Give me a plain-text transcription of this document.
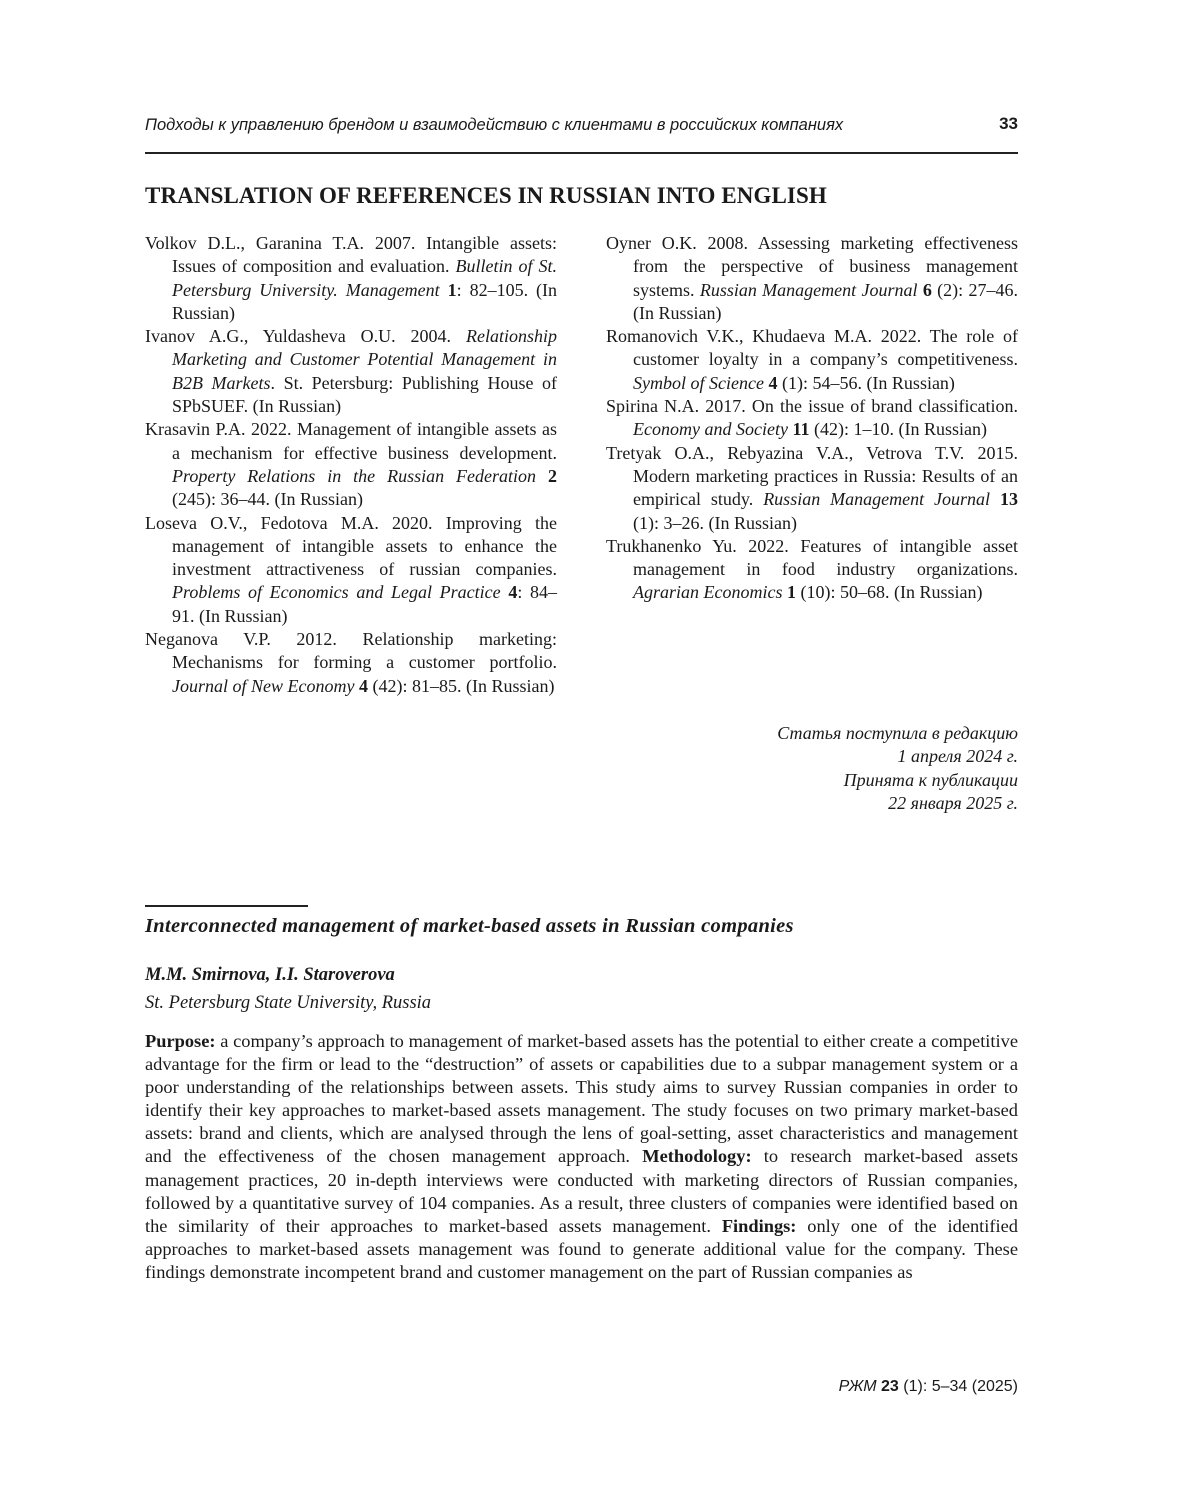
Подходы к управлению брендом и взаимодействию с клиентами в российских компаниях	33
TRANSLATION OF REFERENCES IN RUSSIAN INTO ENGLISH

Volkov D.L., Garanina T.A. 2007. Intangible assets: Issues of composition and evaluation. Bulletin of St. Petersburg University. Management 1: 82–105. (In Russian)

Ivanov A.G., Yuldasheva O.U. 2004. Relationship Marketing and Customer Potential Management in B2B Markets. St. Petersburg: Publishing House of SPbSUEF. (In Russian)

Krasavin P.A. 2022. Management of intangible assets as a mechanism for effective business development. Property Relations in the Russian Federation 2 (245): 36–44. (In Russian)

Loseva O.V., Fedotova M.A. 2020. Improving the management of intangible assets to enhance the investment attractiveness of russian companies. Problems of Economics and Legal Practice 4: 84–91. (In Russian)

Neganova V.P. 2012. Relationship marketing: Mechanisms for forming a customer portfolio. Journal of New Economy 4 (42): 81–85. (In Russian)

Oyner O.K. 2008. Assessing marketing effectiveness from the perspective of business management systems. Russian Management Journal 6 (2): 27–46. (In Russian)

Romanovich V.K., Khudaeva M.A. 2022. The role of customer loyalty in a company’s competitiveness. Symbol of Science 4 (1): 54–56. (In Russian)

Spirina N.A. 2017. On the issue of brand classification. Economy and Society 11 (42): 1–10. (In Russian)

Tretyak O.A., Rebyazina V.A., Vetrova T.V. 2015. Modern marketing practices in Russia: Results of an empirical study. Russian Management Journal 13 (1): 3–26. (In Russian)

Trukhanenko Yu. 2022. Features of intangible asset management in food industry organizations. Agrarian Economics 1 (10): 50–68. (In Russian)

Статья поступила в редакцию
1 апреля 2024 г.
Принята к публикации
22 января 2025 г.
Interconnected management of market-based assets in Russian companies
M.M. Smirnova, I.I. Staroverova
St. Petersburg State University, Russia

Purpose: a company’s approach to management of market-based assets has the potential to either create a competitive advantage for the firm or lead to the “destruction” of assets or capabilities due to a subpar management system or a poor understanding of the relationships between assets. This study aims to survey Russian companies in order to identify their key approaches to market-based assets management. The study focuses on two primary market-based assets: brand and clients, which are analysed through the lens of goal-setting, asset characteristics and management and the effectiveness of the chosen management approach. Methodology: to research market-based assets management practices, 20 in-depth interviews were conducted with marketing directors of Russian companies, followed by a quantitative survey of 104 companies. As a result, three clusters of companies were identified based on the similarity of their approaches to market-based assets management. Findings: only one of the identified approaches to market-based assets management was found to generate additional value for the company. These findings demonstrate incompetent brand and customer management on the part of Russian companies as

РЖМ 23 (1): 5–34 (2025)
